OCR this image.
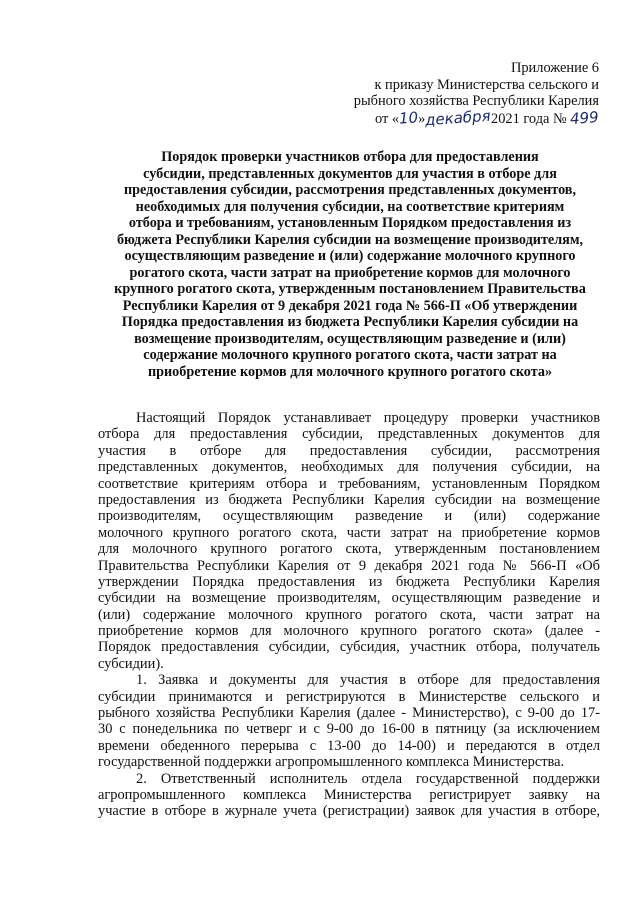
Приложение 6
к приказу Министерства сельского и
рыбного хозяйства Республики Карелия
от «10»декабря2021 года № 499
Порядок проверки участников отбора для предоставления
субсидии, представленных документов для участия в отборе для
предоставления субсидии, рассмотрения представленных документов,
необходимых для получения субсидии, на соответствие критериям
отбора и требованиям, установленным Порядком предоставления из
бюджета Республики Карелия субсидии на возмещение производителям,
осуществляющим разведение и (или) содержание молочного крупного
рогатого скота, части затрат на приобретение кормов для молочного
крупного рогатого скота, утвержденным постановлением Правительства
Республики Карелия от 9 декабря 2021 года № 566-П «Об утверждении
Порядка предоставления из бюджета Республики Карелия субсидии на
возмещение производителям, осуществляющим разведение и (или)
содержание молочного крупного рогатого скота, части затрат на
приобретение кормов для молочного крупного рогатого скота»
Настоящий Порядок устанавливает процедуру проверки участников
отбора для предоставления субсидии, представленных документов для
участия в отборе для предоставления субсидии, рассмотрения
представленных документов, необходимых для получения субсидии, на
соответствие критериям отбора и требованиям, установленным Порядком
предоставления из бюджета Республики Карелия субсидии на возмещение
производителям, осуществляющим разведение и (или) содержание
молочного крупного рогатого скота, части затрат на приобретение кормов
для молочного крупного рогатого скота, утвержденным постановлением
Правительства Республики Карелия от 9 декабря 2021 года № 566-П «Об
утверждении Порядка предоставления из бюджета Республики Карелия
субсидии на возмещение производителям, осуществляющим разведение и
(или) содержание молочного крупного рогатого скота, части затрат на
приобретение кормов для молочного крупного рогатого скота» (далее -
Порядок предоставления субсидии, субсидия, участник отбора, получатель
субсидии).
1. Заявка и документы для участия в отборе для предоставления
субсидии принимаются и регистрируются в Министерстве сельского и
рыбного хозяйства Республики Карелия (далее - Министерство), с 9-00 до 17-
30 с понедельника по четверг и с 9-00 до 16-00 в пятницу (за исключением
времени обеденного перерыва с 13-00 до 14-00) и передаются в отдел
государственной поддержки агропромышленного комплекса Министерства.
2. Ответственный исполнитель отдела государственной поддержки
агропромышленного комплекса Министерства регистрирует заявку на
участие в отборе в журнале учета (регистрации) заявок для участия в отборе,
